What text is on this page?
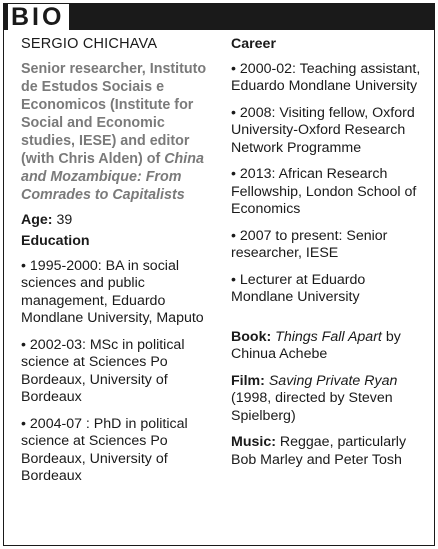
BIO
SERGIO CHICHAVA
Senior researcher, Instituto de Estudos Sociais e Economicos (Institute for Social and Economic studies, IESE) and editor (with Chris Alden) of China and Mozambique: From Comrades to Capitalists
Age: 39
Education
• 1995-2000: BA in social sciences and public management, Eduardo Mondlane University, Maputo
• 2002-03: MSc in political science at Sciences Po Bordeaux, University of Bordeaux
• 2004-07 : PhD in political science at Sciences Po Bordeaux, University of Bordeaux
Career
• 2000-02: Teaching assistant, Eduardo Mondlane University
• 2008: Visiting fellow, Oxford University-Oxford Research Network Programme
• 2013: African Research Fellowship, London School of Economics
• 2007 to present: Senior researcher, IESE
• Lecturer at Eduardo Mondlane University
Book: Things Fall Apart by Chinua Achebe
Film: Saving Private Ryan (1998, directed by Steven Spielberg)
Music: Reggae, particularly Bob Marley and Peter Tosh
